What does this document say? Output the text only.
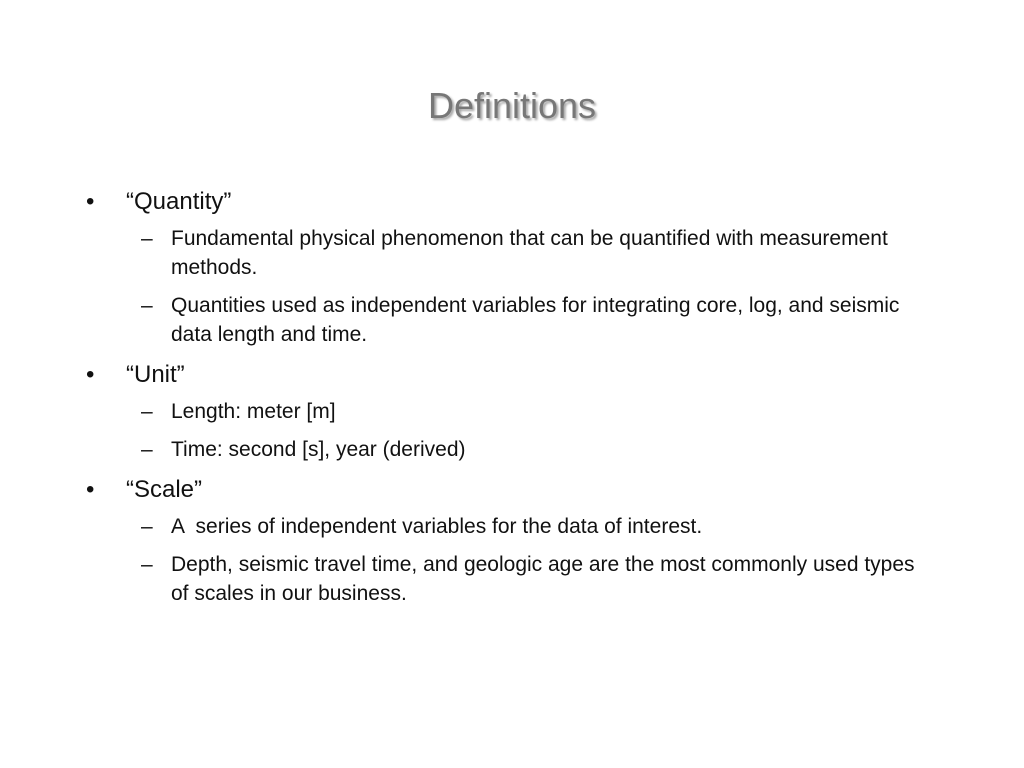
Definitions
•	“Quantity”
– Fundamental physical phenomenon that can be quantified with measurement methods.
– Quantities used as independent variables for integrating core, log, and seismic data length and time.
•	“Unit”
– Length: meter [m]
– Time: second [s], year (derived)
•	“Scale”
– A  series of independent variables for the data of interest.
– Depth, seismic travel time, and geologic age are the most commonly used types of scales in our business.
